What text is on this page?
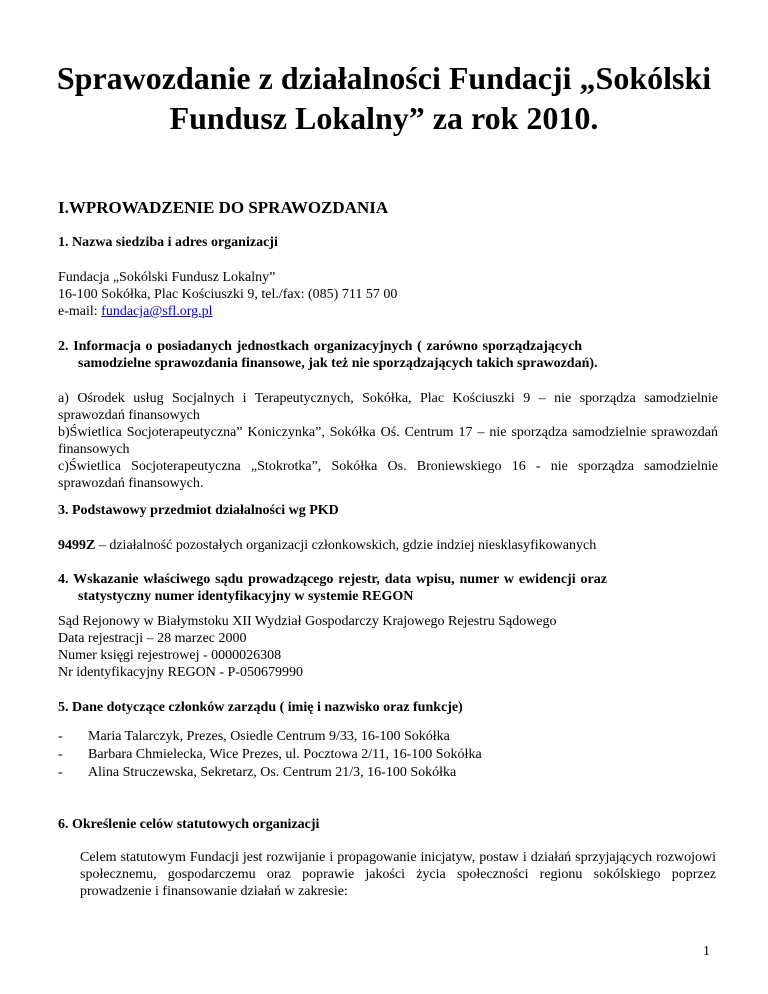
Sprawozdanie z działalności Fundacji „Sokólski
Fundusz Lokalny” za rok 2010.
I.WPROWADZENIE DO SPRAWOZDANIA
1. Nazwa siedziba i adres organizacji
Fundacja „Sokólski Fundusz Lokalny”
16-100 Sokółka, Plac Kościuszki 9, tel./fax: (085) 711 57 00
e-mail: fundacja@sfl.org.pl
2. Informacja o posiadanych jednostkach organizacyjnych ( zarówno sporządzających
samodzielne sprawozdania finansowe, jak też nie sporządzających takich sprawozdań).
a) Ośrodek usług Socjalnych i Terapeutycznych, Sokółka, Plac Kościuszki 9 – nie sporządza samodzielnie sprawozdań finansowych
b)Świetlica Socjoterapeutyczna” Koniczynka”, Sokółka Oś. Centrum 17 – nie sporządza samodzielnie sprawozdań finansowych
c)Świetlica Socjoterapeutyczna „Stokrotka”, Sokółka Os. Broniewskiego 16 - nie sporządza samodzielnie sprawozdań finansowych.
3. Podstawowy przedmiot działalności wg PKD
9499Z – działalność pozostałych organizacji członkowskich, gdzie indziej niesklasyfikowanych
4. Wskazanie właściwego sądu prowadzącego rejestr, data wpisu, numer w ewidencji oraz
statystyczny numer identyfikacyjny w systemie REGON
Sąd Rejonowy w Białymstoku XII Wydział Gospodarczy Krajowego Rejestru Sądowego
Data rejestracji – 28 marzec 2000
Numer księgi rejestrowej - 0000026308
Nr identyfikacyjny REGON - P-050679990
5. Dane dotyczące członków zarządu ( imię i nazwisko oraz funkcje)
- Maria Talarczyk, Prezes, Osiedle Centrum 9/33, 16-100 Sokółka
- Barbara Chmielecka, Wice Prezes, ul. Pocztowa 2/11, 16-100 Sokółka
- Alina Struczewska, Sekretarz, Os. Centrum 21/3, 16-100 Sokółka
6. Określenie celów statutowych organizacji
Celem statutowym Fundacji jest rozwijanie i propagowanie inicjatyw, postaw i działań sprzyjających rozwojowi społecznemu, gospodarczemu oraz poprawie jakości życia społeczności regionu sokólskiego poprzez prowadzenie i finansowanie działań w zakresie:
1
